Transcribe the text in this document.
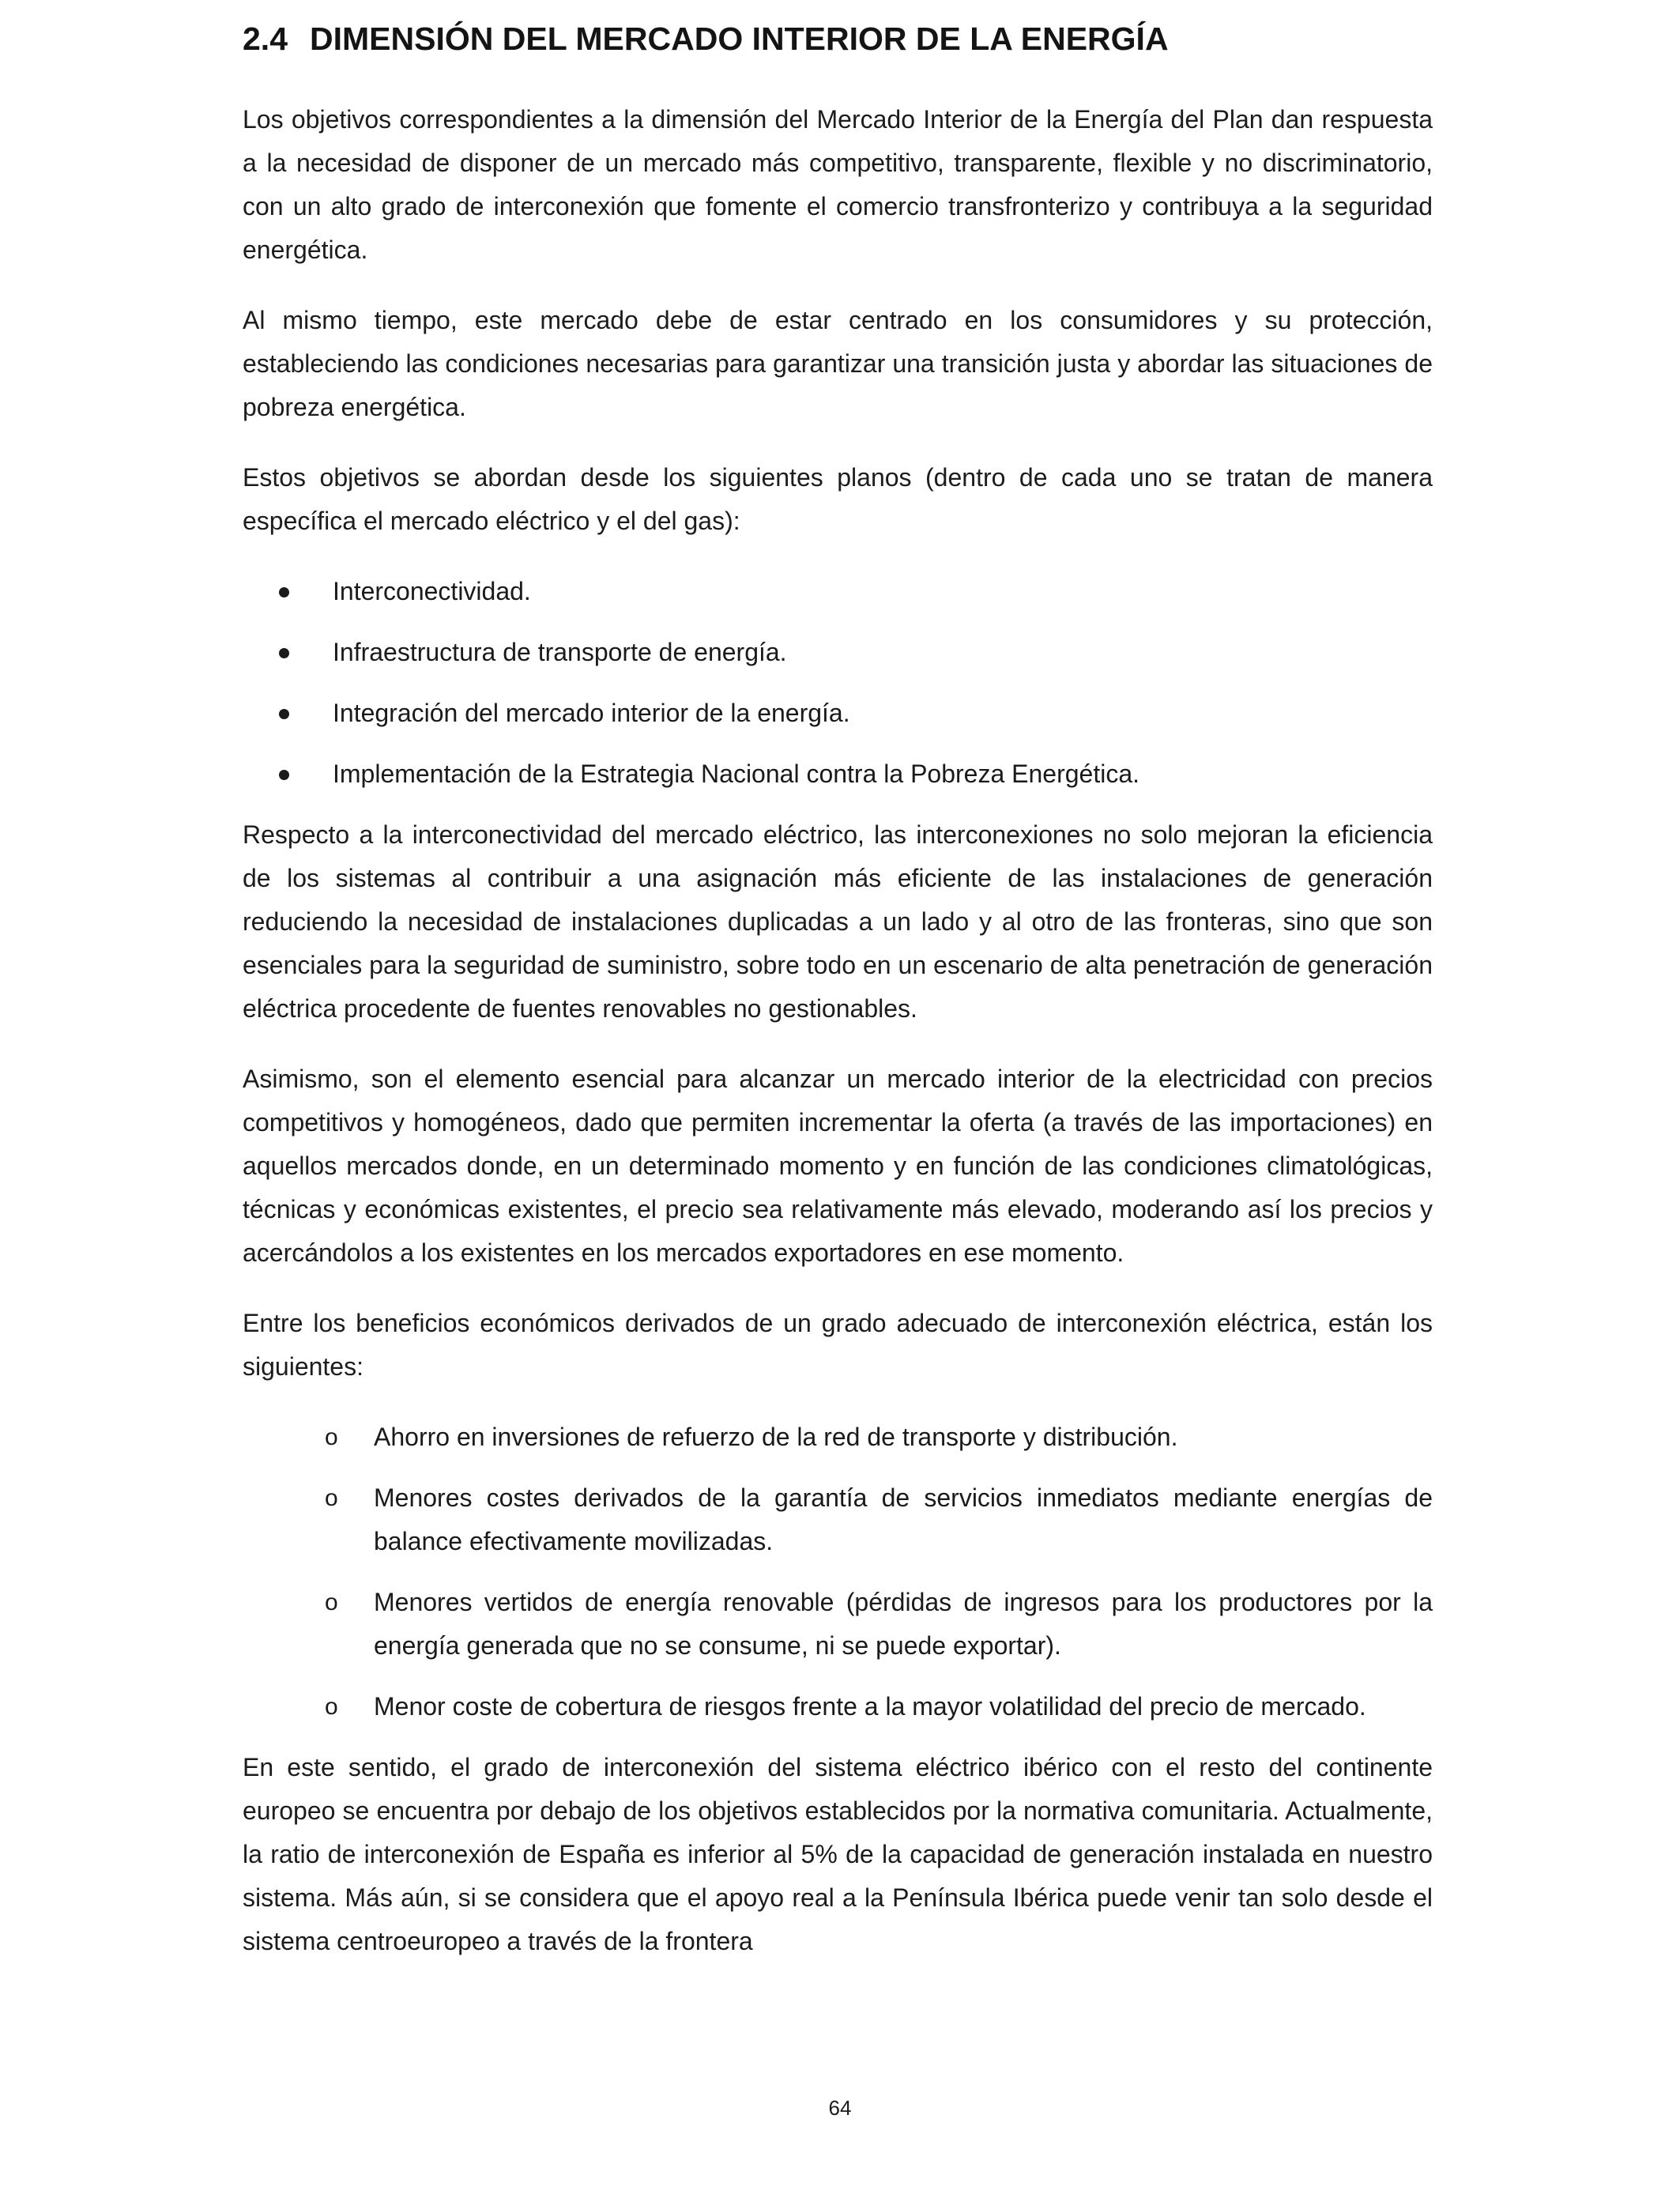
2.4 DIMENSIÓN DEL MERCADO INTERIOR DE LA ENERGÍA

Los objetivos correspondientes a la dimensión del Mercado Interior de la Energía del Plan dan respuesta a la necesidad de disponer de un mercado más competitivo, transparente, flexible y no discriminatorio, con un alto grado de interconexión que fomente el comercio transfronterizo y contribuya a la seguridad energética.

Al mismo tiempo, este mercado debe de estar centrado en los consumidores y su protección, estableciendo las condiciones necesarias para garantizar una transición justa y abordar las situaciones de pobreza energética.

Estos objetivos se abordan desde los siguientes planos (dentro de cada uno se tratan de manera específica el mercado eléctrico y el del gas):

Interconectividad.
Infraestructura de transporte de energía.
Integración del mercado interior de la energía.
Implementación de la Estrategia Nacional contra la Pobreza Energética.

Respecto a la interconectividad del mercado eléctrico, las interconexiones no solo mejoran la eficiencia de los sistemas al contribuir a una asignación más eficiente de las instalaciones de generación reduciendo la necesidad de instalaciones duplicadas a un lado y al otro de las fronteras, sino que son esenciales para la seguridad de suministro, sobre todo en un escenario de alta penetración de generación eléctrica procedente de fuentes renovables no gestionables.

Asimismo, son el elemento esencial para alcanzar un mercado interior de la electricidad con precios competitivos y homogéneos, dado que permiten incrementar la oferta (a través de las importaciones) en aquellos mercados donde, en un determinado momento y en función de las condiciones climatológicas, técnicas y económicas existentes, el precio sea relativamente más elevado, moderando así los precios y acercándolos a los existentes en los mercados exportadores en ese momento.

Entre los beneficios económicos derivados de un grado adecuado de interconexión eléctrica, están los siguientes:

o Ahorro en inversiones de refuerzo de la red de transporte y distribución.
o Menores costes derivados de la garantía de servicios inmediatos mediante energías de balance efectivamente movilizadas.
o Menores vertidos de energía renovable (pérdidas de ingresos para los productores por la energía generada que no se consume, ni se puede exportar).
o Menor coste de cobertura de riesgos frente a la mayor volatilidad del precio de mercado.

En este sentido, el grado de interconexión del sistema eléctrico ibérico con el resto del continente europeo se encuentra por debajo de los objetivos establecidos por la normativa comunitaria. Actualmente, la ratio de interconexión de España es inferior al 5% de la capacidad de generación instalada en nuestro sistema. Más aún, si se considera que el apoyo real a la Península Ibérica puede venir tan solo desde el sistema centroeuropeo a través de la frontera

64
